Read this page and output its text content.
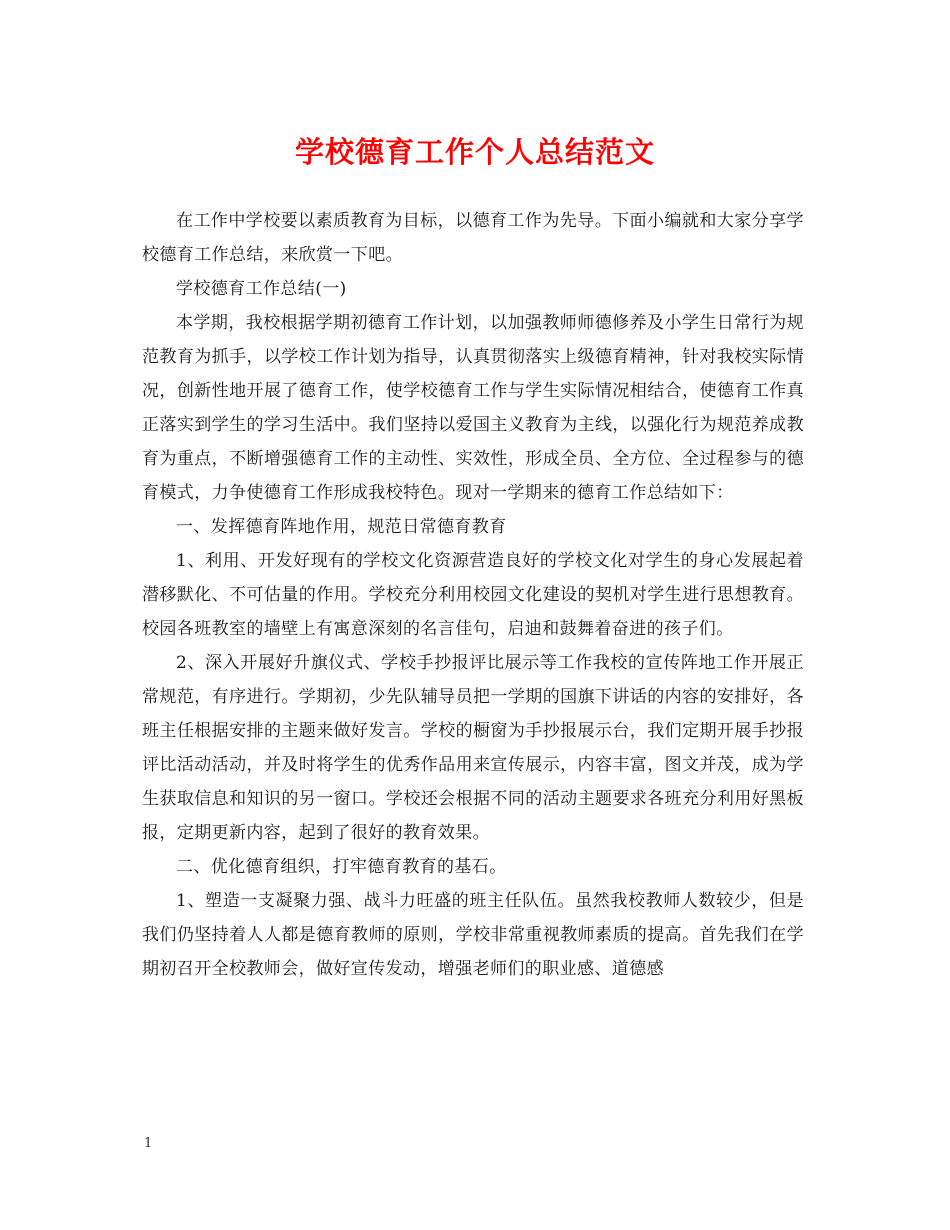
学校德育工作个人总结范文

在工作中学校要以素质教育为目标，以德育工作为先导。下面小编就和大家分享学校德育工作总结，来欣赏一下吧。

学校德育工作总结(一)

本学期，我校根据学期初德育工作计划，以加强教师师德修养及小学生日常行为规范教育为抓手，以学校工作计划为指导，认真贯彻落实上级德育精神，针对我校实际情况，创新性地开展了德育工作，使学校德育工作与学生实际情况相结合，使德育工作真正落实到学生的学习生活中。我们坚持以爱国主义教育为主线，以强化行为规范养成教育为重点，不断增强德育工作的主动性、实效性，形成全员、全方位、全过程参与的德育模式，力争使德育工作形成我校特色。现对一学期来的德育工作总结如下：

一、发挥德育阵地作用，规范日常德育教育

1、利用、开发好现有的学校文化资源营造良好的学校文化对学生的身心发展起着潜移默化、不可估量的作用。学校充分利用校园文化建设的契机对学生进行思想教育。校园各班教室的墙壁上有寓意深刻的名言佳句，启迪和鼓舞着奋进的孩子们。

2、深入开展好升旗仪式、学校手抄报评比展示等工作我校的宣传阵地工作开展正常规范，有序进行。学期初，少先队辅导员把一学期的国旗下讲话的内容的安排好，各班主任根据安排的主题来做好发言。学校的橱窗为手抄报展示台，我们定期开展手抄报评比活动活动，并及时将学生的优秀作品用来宣传展示，内容丰富，图文并茂，成为学生获取信息和知识的另一窗口。学校还会根据不同的活动主题要求各班充分利用好黑板报，定期更新内容，起到了很好的教育效果。

二、优化德育组织，打牢德育教育的基石。

1、塑造一支凝聚力强、战斗力旺盛的班主任队伍。虽然我校教师人数较少，但是我们仍坚持着人人都是德育教师的原则，学校非常重视教师素质的提高。首先我们在学期初召开全校教师会，做好宣传发动，增强老师们的职业感、道德感

1
